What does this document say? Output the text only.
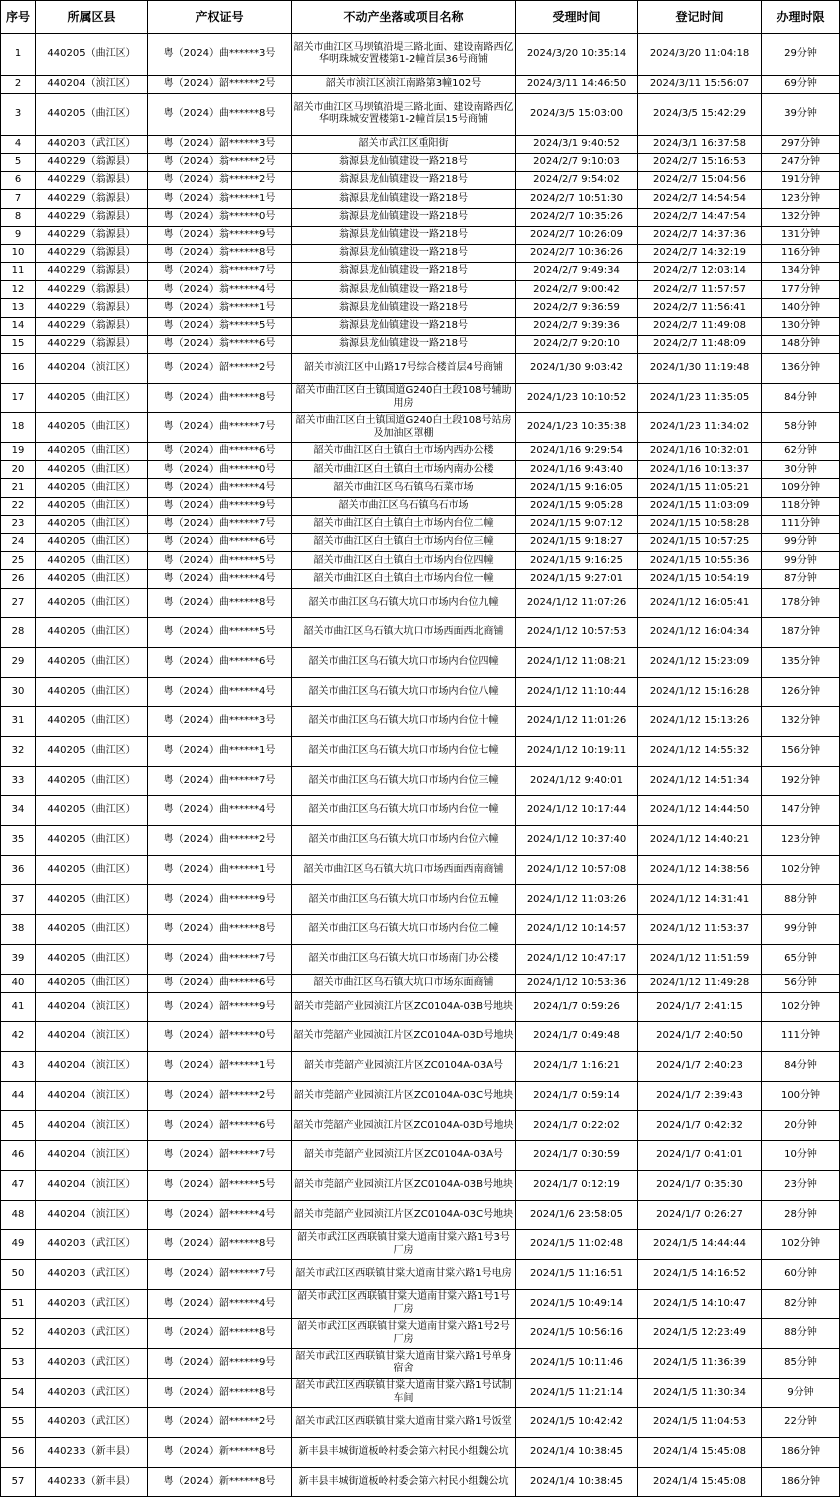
序号	所属区县	产权证号	不动产坐落或项目名称	受理时间	登记时间	办理时限
1	440205（曲江区）	粤（2024）曲******3号	韶关市曲江区马坝镇沿堤三路北面、建设南路西亿华明珠城安置楼第1-2幢首层36号商铺	2024/3/20 10:35:14	2024/3/20 11:04:18	29分钟
2	440204（浈江区）	粤（2024）韶******2号	韶关市浈江区浈江南路第3幢102号	2024/3/11 14:46:50	2024/3/11 15:56:07	69分钟
3	440205（曲江区）	粤（2024）曲******8号	韶关市曲江区马坝镇沿堤三路北面、建设南路西亿华明珠城安置楼第1-2幢首层15号商铺	2024/3/5 15:03:00	2024/3/5 15:42:29	39分钟
4	440203（武江区）	粤（2024）韶******3号	韶关市武江区重阳街	2024/3/1 9:40:52	2024/3/1 16:37:58	297分钟
5	440229（翁源县）	粤（2024）翁******2号	翁源县龙仙镇建设一路218号	2024/2/7 9:10:03	2024/2/7 15:16:53	247分钟
6	440229（翁源县）	粤（2024）翁******2号	翁源县龙仙镇建设一路218号	2024/2/7 9:54:02	2024/2/7 15:04:56	191分钟
7	440229（翁源县）	粤（2024）翁******1号	翁源县龙仙镇建设一路218号	2024/2/7 10:51:30	2024/2/7 14:54:54	123分钟
8	440229（翁源县）	粤（2024）翁******0号	翁源县龙仙镇建设一路218号	2024/2/7 10:35:26	2024/2/7 14:47:54	132分钟
9	440229（翁源县）	粤（2024）翁******9号	翁源县龙仙镇建设一路218号	2024/2/7 10:26:09	2024/2/7 14:37:36	131分钟
10	440229（翁源县）	粤（2024）翁******8号	翁源县龙仙镇建设一路218号	2024/2/7 10:36:26	2024/2/7 14:32:19	116分钟
11	440229（翁源县）	粤（2024）翁******7号	翁源县龙仙镇建设一路218号	2024/2/7 9:49:34	2024/2/7 12:03:14	134分钟
12	440229（翁源县）	粤（2024）翁******4号	翁源县龙仙镇建设一路218号	2024/2/7 9:00:42	2024/2/7 11:57:57	177分钟
13	440229（翁源县）	粤（2024）翁******1号	翁源县龙仙镇建设一路218号	2024/2/7 9:36:59	2024/2/7 11:56:41	140分钟
14	440229（翁源县）	粤（2024）翁******5号	翁源县龙仙镇建设一路218号	2024/2/7 9:39:36	2024/2/7 11:49:08	130分钟
15	440229（翁源县）	粤（2024）翁******6号	翁源县龙仙镇建设一路218号	2024/2/7 9:20:10	2024/2/7 11:48:09	148分钟
16	440204（浈江区）	粤（2024）韶******2号	韶关市浈江区中山路17号综合楼首层4号商铺	2024/1/30 9:03:42	2024/1/30 11:19:48	136分钟
17	440205（曲江区）	粤（2024）曲******8号	韶关市曲江区白土镇国道G240白土段108号辅助用房	2024/1/23 10:10:52	2024/1/23 11:35:05	84分钟
18	440205（曲江区）	粤（2024）曲******7号	韶关市曲江区白土镇国道G240白土段108号站房及加油区罩棚	2024/1/23 10:35:38	2024/1/23 11:34:02	58分钟
19	440205（曲江区）	粤（2024）曲******6号	韶关市曲江区白土镇白土市场内西办公楼	2024/1/16 9:29:54	2024/1/16 10:32:01	62分钟
20	440205（曲江区）	粤（2024）曲******0号	韶关市曲江区白土镇白土市场内南办公楼	2024/1/16 9:43:40	2024/1/16 10:13:37	30分钟
21	440205（曲江区）	粤（2024）曲******4号	韶关市曲江区乌石镇乌石菜市场	2024/1/15 9:16:05	2024/1/15 11:05:21	109分钟
22	440205（曲江区）	粤（2024）曲******9号	韶关市曲江区乌石镇乌石市场	2024/1/15 9:05:28	2024/1/15 11:03:09	118分钟
23	440205（曲江区）	粤（2024）曲******7号	韶关市曲江区白土镇白土市场内台位二幢	2024/1/15 9:07:12	2024/1/15 10:58:28	111分钟
24	440205（曲江区）	粤（2024）曲******6号	韶关市曲江区白土镇白土市场内台位三幢	2024/1/15 9:18:27	2024/1/15 10:57:25	99分钟
25	440205（曲江区）	粤（2024）曲******5号	韶关市曲江区白土镇白土市场内台位四幢	2024/1/15 9:16:25	2024/1/15 10:55:36	99分钟
26	440205（曲江区）	粤（2024）曲******4号	韶关市曲江区白土镇白土市场内台位一幢	2024/1/15 9:27:01	2024/1/15 10:54:19	87分钟
27	440205（曲江区）	粤（2024）曲******8号	韶关市曲江区乌石镇大坑口市场内台位九幢	2024/1/12 11:07:26	2024/1/12 16:05:41	178分钟
28	440205（曲江区）	粤（2024）曲******5号	韶关市曲江区乌石镇大坑口市场西面西北商铺	2024/1/12 10:57:53	2024/1/12 16:04:34	187分钟
29	440205（曲江区）	粤（2024）曲******6号	韶关市曲江区乌石镇大坑口市场内台位四幢	2024/1/12 11:08:21	2024/1/12 15:23:09	135分钟
30	440205（曲江区）	粤（2024）曲******4号	韶关市曲江区乌石镇大坑口市场内台位八幢	2024/1/12 11:10:44	2024/1/12 15:16:28	126分钟
31	440205（曲江区）	粤（2024）曲******3号	韶关市曲江区乌石镇大坑口市场内台位十幢	2024/1/12 11:01:26	2024/1/12 15:13:26	132分钟
32	440205（曲江区）	粤（2024）曲******1号	韶关市曲江区乌石镇大坑口市场内台位七幢	2024/1/12 10:19:11	2024/1/12 14:55:32	156分钟
33	440205（曲江区）	粤（2024）曲******7号	韶关市曲江区乌石镇大坑口市场内台位三幢	2024/1/12 9:40:01	2024/1/12 14:51:34	192分钟
34	440205（曲江区）	粤（2024）曲******4号	韶关市曲江区乌石镇大坑口市场内台位一幢	2024/1/12 10:17:44	2024/1/12 14:44:50	147分钟
35	440205（曲江区）	粤（2024）曲******2号	韶关市曲江区乌石镇大坑口市场内台位六幢	2024/1/12 10:37:40	2024/1/12 14:40:21	123分钟
36	440205（曲江区）	粤（2024）曲******1号	韶关市曲江区乌石镇大坑口市场西面西南商铺	2024/1/12 10:57:08	2024/1/12 14:38:56	102分钟
37	440205（曲江区）	粤（2024）曲******9号	韶关市曲江区乌石镇大坑口市场内台位五幢	2024/1/12 11:03:26	2024/1/12 14:31:41	88分钟
38	440205（曲江区）	粤（2024）曲******8号	韶关市曲江区乌石镇大坑口市场内台位二幢	2024/1/12 10:14:57	2024/1/12 11:53:37	99分钟
39	440205（曲江区）	粤（2024）曲******7号	韶关市曲江区乌石镇大坑口市场南门办公楼	2024/1/12 10:47:17	2024/1/12 11:51:59	65分钟
40	440205（曲江区）	粤（2024）曲******6号	韶关市曲江区乌石镇大坑口市场东面商铺	2024/1/12 10:53:36	2024/1/12 11:49:28	56分钟
41	440204（浈江区）	粤（2024）韶******9号	韶关市莞韶产业园浈江片区ZC0104A-03B号地块	2024/1/7 0:59:26	2024/1/7 2:41:15	102分钟
42	440204（浈江区）	粤（2024）韶******0号	韶关市莞韶产业园浈江片区ZC0104A-03D号地块	2024/1/7 0:49:48	2024/1/7 2:40:50	111分钟
43	440204（浈江区）	粤（2024）韶******1号	韶关市莞韶产业园浈江片区ZC0104A-03A号	2024/1/7 1:16:21	2024/1/7 2:40:23	84分钟
44	440204（浈江区）	粤（2024）韶******2号	韶关市莞韶产业园浈江片区ZC0104A-03C号地块	2024/1/7 0:59:14	2024/1/7 2:39:43	100分钟
45	440204（浈江区）	粤（2024）韶******6号	韶关市莞韶产业园浈江片区ZC0104A-03D号地块	2024/1/7 0:22:02	2024/1/7 0:42:32	20分钟
46	440204（浈江区）	粤（2024）韶******7号	韶关市莞韶产业园浈江片区ZC0104A-03A号	2024/1/7 0:30:59	2024/1/7 0:41:01	10分钟
47	440204（浈江区）	粤（2024）韶******5号	韶关市莞韶产业园浈江片区ZC0104A-03B号地块	2024/1/7 0:12:19	2024/1/7 0:35:30	23分钟
48	440204（浈江区）	粤（2024）韶******4号	韶关市莞韶产业园浈江片区ZC0104A-03C号地块	2024/1/6 23:58:05	2024/1/7 0:26:27	28分钟
49	440203（武江区）	粤（2024）韶******8号	韶关市武江区西联镇甘棠大道南甘棠六路1号3号厂房	2024/1/5 11:02:48	2024/1/5 14:44:44	102分钟
50	440203（武江区）	粤（2024）韶******7号	韶关市武江区西联镇甘棠大道南甘棠六路1号电房	2024/1/5 11:16:51	2024/1/5 14:16:52	60分钟
51	440203（武江区）	粤（2024）韶******4号	韶关市武江区西联镇甘棠大道南甘棠六路1号1号厂房	2024/1/5 10:49:14	2024/1/5 14:10:47	82分钟
52	440203（武江区）	粤（2024）韶******8号	韶关市武江区西联镇甘棠大道南甘棠六路1号2号厂房	2024/1/5 10:56:16	2024/1/5 12:23:49	88分钟
53	440203（武江区）	粤（2024）韶******9号	韶关市武江区西联镇甘棠大道南甘棠六路1号单身宿舍	2024/1/5 10:11:46	2024/1/5 11:36:39	85分钟
54	440203（武江区）	粤（2024）韶******8号	韶关市武江区西联镇甘棠大道南甘棠六路1号试制车间	2024/1/5 11:21:14	2024/1/5 11:30:34	9分钟
55	440203（武江区）	粤（2024）韶******2号	韶关市武江区西联镇甘棠大道南甘棠六路1号饭堂	2024/1/5 10:42:42	2024/1/5 11:04:53	22分钟
56	440233（新丰县）	粤（2024）新******8号	新丰县丰城街道板岭村委会第六村民小组魏公坑	2024/1/4 10:38:45	2024/1/4 15:45:08	186分钟
57	440233（新丰县）	粤（2024）新******8号	新丰县丰城街道板岭村委会第六村民小组魏公坑	2024/1/4 10:38:45	2024/1/4 15:45:08	186分钟
